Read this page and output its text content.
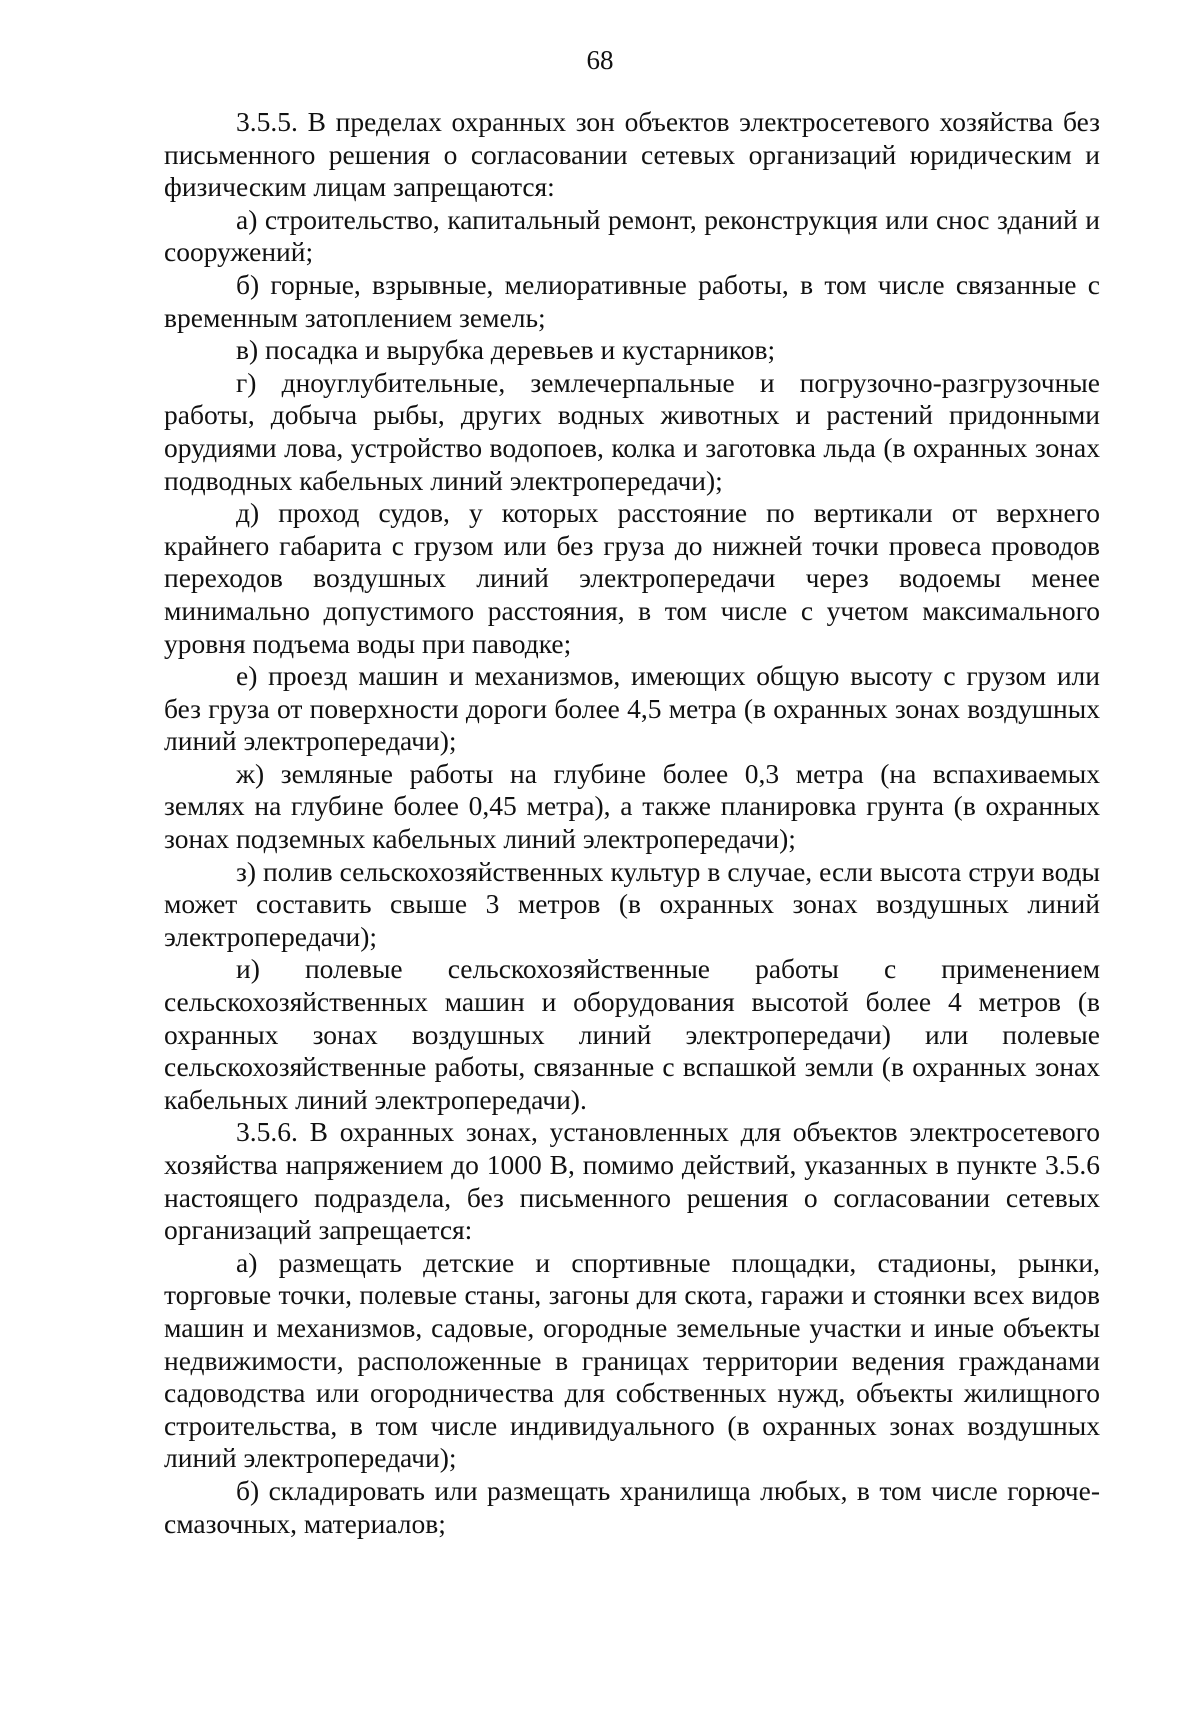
68

3.5.5. В пределах охранных зон объектов электросетевого хозяйства без письменного решения о согласовании сетевых организаций юридическим и физическим лицам запрещаются:

а) строительство, капитальный ремонт, реконструкция или снос зданий и сооружений;

б) горные, взрывные, мелиоративные работы, в том числе связанные с временным затоплением земель;

в) посадка и вырубка деревьев и кустарников;

г) дноуглубительные, землечерпальные и погрузочно-разгрузочные работы, добыча рыбы, других водных животных и растений придонными орудиями лова, устройство водопоев, колка и заготовка льда (в охранных зонах подводных кабельных линий электропередачи);

д) проход судов, у которых расстояние по вертикали от верхнего крайнего габарита с грузом или без груза до нижней точки провеса проводов переходов воздушных линий электропередачи через водоемы менее минимально допустимого расстояния, в том числе с учетом максимального уровня подъема воды при паводке;

е) проезд машин и механизмов, имеющих общую высоту с грузом или без груза от поверхности дороги более 4,5 метра (в охранных зонах воздушных линий электропередачи);

ж) земляные работы на глубине более 0,3 метра (на вспахиваемых землях на глубине более 0,45 метра), а также планировка грунта (в охранных зонах подземных кабельных линий электропередачи);

з) полив сельскохозяйственных культур в случае, если высота струи воды может составить свыше 3 метров (в охранных зонах воздушных линий электропередачи);

и) полевые сельскохозяйственные работы с применением сельскохозяйственных машин и оборудования высотой более 4 метров (в охранных зонах воздушных линий электропередачи) или полевые сельскохозяйственные работы, связанные с вспашкой земли (в охранных зонах кабельных линий электропередачи).

3.5.6. В охранных зонах, установленных для объектов электросетевого хозяйства напряжением до 1000 В, помимо действий, указанных в пункте 3.5.6 настоящего подраздела, без письменного решения о согласовании сетевых организаций запрещается:

а) размещать детские и спортивные площадки, стадионы, рынки, торговые точки, полевые станы, загоны для скота, гаражи и стоянки всех видов машин и механизмов, садовые, огородные земельные участки и иные объекты недвижимости, расположенные в границах территории ведения гражданами садоводства или огородничества для собственных нужд, объекты жилищного строительства, в том числе индивидуального (в охранных зонах воздушных линий электропередачи);

б) складировать или размещать хранилища любых, в том числе горюче-смазочных, материалов;
